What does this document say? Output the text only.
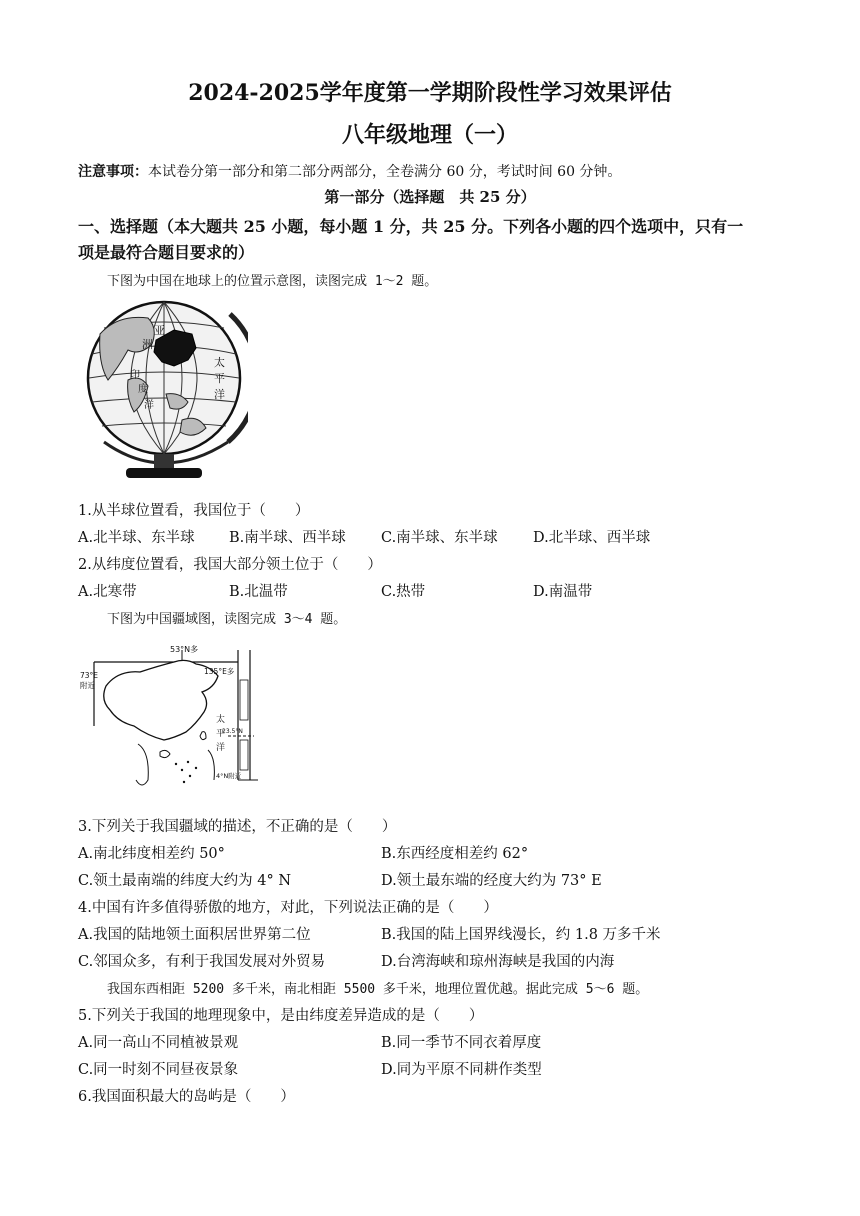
2024-2025学年度第一学期阶段性学习效果评估
八年级地理（一）
注意事项：本试卷分第一部分和第二部分两部分，全卷满分 60 分，考试时间 60 分钟。
第一部分（选择题　共 25 分）
一、选择题（本大题共 25 小题，每小题 1 分，共 25 分。下列各小题的四个选项中，只有一
项是最符合题目要求的）
下图为中国在地球上的位置示意图，读图完成 1～2 题。
亚
洲
印
度
洋
太
平
洋
1.从半球位置看，我国位于（　　）
A.北半球、东半球 B.南半球、西半球 C.南半球、东半球 D.北半球、西半球
2.从纬度位置看，我国大部分领土位于（　　）
A.北寒带	B.北温带	C.热带	D.南温带
下图为中国疆域图，读图完成 3～4 题。
53°N多
135°E多
73°E
附近
太
平
洋
23.5°N
4°N附近
3.下列关于我国疆域的描述，不正确的是（　　）
A.南北纬度相差约 50°	B.东西经度相差约 62°
C.领土最南端的纬度大约为 4° N	D.领土最东端的经度大约为 73° E
4.中国有许多值得骄傲的地方，对此，下列说法正确的是（　　）
A.我国的陆地领土面积居世界第二位	B.我国的陆上国界线漫长，约 1.8 万多千米
C.邻国众多，有利于我国发展对外贸易	D.台湾海峡和琼州海峡是我国的内海
我国东西相距 5200 多千米，南北相距 5500 多千米，地理位置优越。据此完成 5～6 题。
5.下列关于我国的地理现象中，是由纬度差异造成的是（　　）
A.同一高山不同植被景观	B.同一季节不同衣着厚度
C.同一时刻不同昼夜景象	D.同为平原不同耕作类型
6.我国面积最大的岛屿是（　　）
